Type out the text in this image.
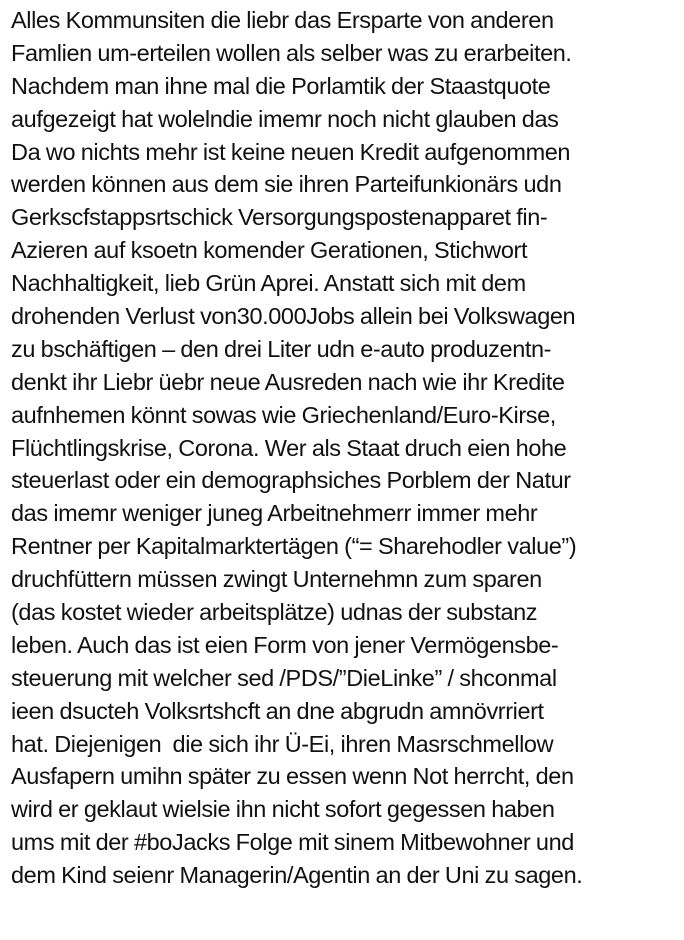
Alles Kommunsiten die liebr das Ersparte von anderen
Famlien um-erteilen wollen als selber was zu erarbeiten.
Nachdem man ihne mal die Porlamtik der Staastquote
aufgezeigt hat wolelndie imemr noch nicht glauben das
Da wo nichts mehr ist keine neuen Kredit aufgenommen
werden können aus dem sie ihren Parteifunkionärs udn
Gerkscfstappsrtschick Versorgungspostenapparet fin-
Azieren auf ksoetn komender Gerationen, Stichwort
Nachhaltigkeit, lieb Grün Aprei. Anstatt sich mit dem
drohenden Verlust von30.000Jobs allein bei Volkswagen
zu bschäftigen – den drei Liter udn e-auto produzentn-
denkt ihr Liebr üebr neue Ausreden nach wie ihr Kredite
aufnhemen könnt sowas wie Griechenland/Euro-Kirse,
Flüchtlingskrise, Corona. Wer als Staat druch eien hohe
steuerlast oder ein demographsiches Porblem der Natur
das imemr weniger juneg Arbeitnehmerr immer mehr
Rentner per Kapitalmarktertägen (“= Sharehodler value”)
druchfüttern müssen zwingt Unternehmn zum sparen
(das kostet wieder arbeitsplätze) udnas der substanz
leben. Auch das ist eien Form von jener Vermögensbe-
steuerung mit welcher sed /PDS/”DieLinke” / shconmal
ieen dsucteh Volksrtshcft an dne abgrudn amnövrriert
hat. Diejenigen  die sich ihr Ü-Ei, ihren Masrschmellow
Ausfapern umihn später zu essen wenn Not herrcht, den
wird er geklaut wielsie ihn nicht sofort gegessen haben
ums mit der #boJacks Folge mit sinem Mitbewohner und
dem Kind seienr Managerin/Agentin an der Uni zu sagen.
